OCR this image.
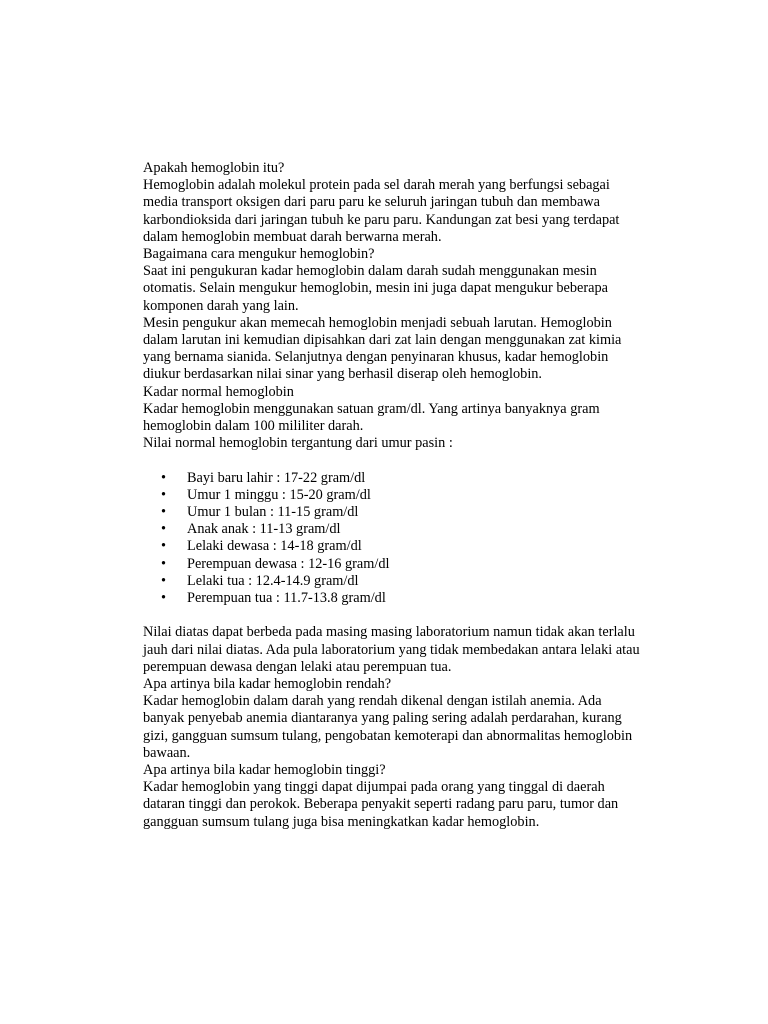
Apakah hemoglobin itu?

Hemoglobin adalah molekul protein pada sel darah merah yang berfungsi sebagai media transport oksigen dari paru paru ke seluruh jaringan tubuh dan membawa karbondioksida dari jaringan tubuh ke paru paru. Kandungan zat besi yang terdapat dalam hemoglobin membuat darah berwarna merah.

Bagaimana cara mengukur hemoglobin?

Saat ini pengukuran kadar hemoglobin dalam darah sudah menggunakan mesin otomatis. Selain mengukur hemoglobin, mesin ini juga dapat mengukur beberapa komponen darah yang lain.

Mesin pengukur akan memecah hemoglobin menjadi sebuah larutan. Hemoglobin dalam larutan ini kemudian dipisahkan dari zat lain dengan menggunakan zat kimia yang bernama sianida. Selanjutnya dengan penyinaran khusus, kadar hemoglobin diukur berdasarkan nilai sinar yang berhasil diserap oleh hemoglobin.

Kadar normal hemoglobin

Kadar hemoglobin menggunakan satuan gram/dl. Yang artinya banyaknya gram hemoglobin dalam 100 mililiter darah.

Nilai normal hemoglobin tergantung dari umur pasin :

• Bayi baru lahir : 17-22 gram/dl
• Umur 1 minggu : 15-20 gram/dl
• Umur 1 bulan : 11-15 gram/dl
• Anak anak : 11-13 gram/dl
• Lelaki dewasa : 14-18 gram/dl
• Perempuan dewasa : 12-16 gram/dl
• Lelaki tua : 12.4-14.9 gram/dl
• Perempuan tua : 11.7-13.8 gram/dl

Nilai diatas dapat berbeda pada masing masing laboratorium namun tidak akan terlalu jauh dari nilai diatas. Ada pula laboratorium yang tidak membedakan antara lelaki atau perempuan dewasa dengan lelaki atau perempuan tua.

Apa artinya bila kadar hemoglobin rendah?

Kadar hemoglobin dalam darah yang rendah dikenal dengan istilah anemia. Ada banyak penyebab anemia diantaranya yang paling sering adalah perdarahan, kurang gizi, gangguan sumsum tulang, pengobatan kemoterapi dan abnormalitas hemoglobin bawaan.

Apa artinya bila kadar hemoglobin tinggi?

Kadar hemoglobin yang tinggi dapat dijumpai pada orang yang tinggal di daerah dataran tinggi dan perokok. Beberapa penyakit seperti radang paru paru, tumor dan gangguan sumsum tulang juga bisa meningkatkan kadar hemoglobin.
